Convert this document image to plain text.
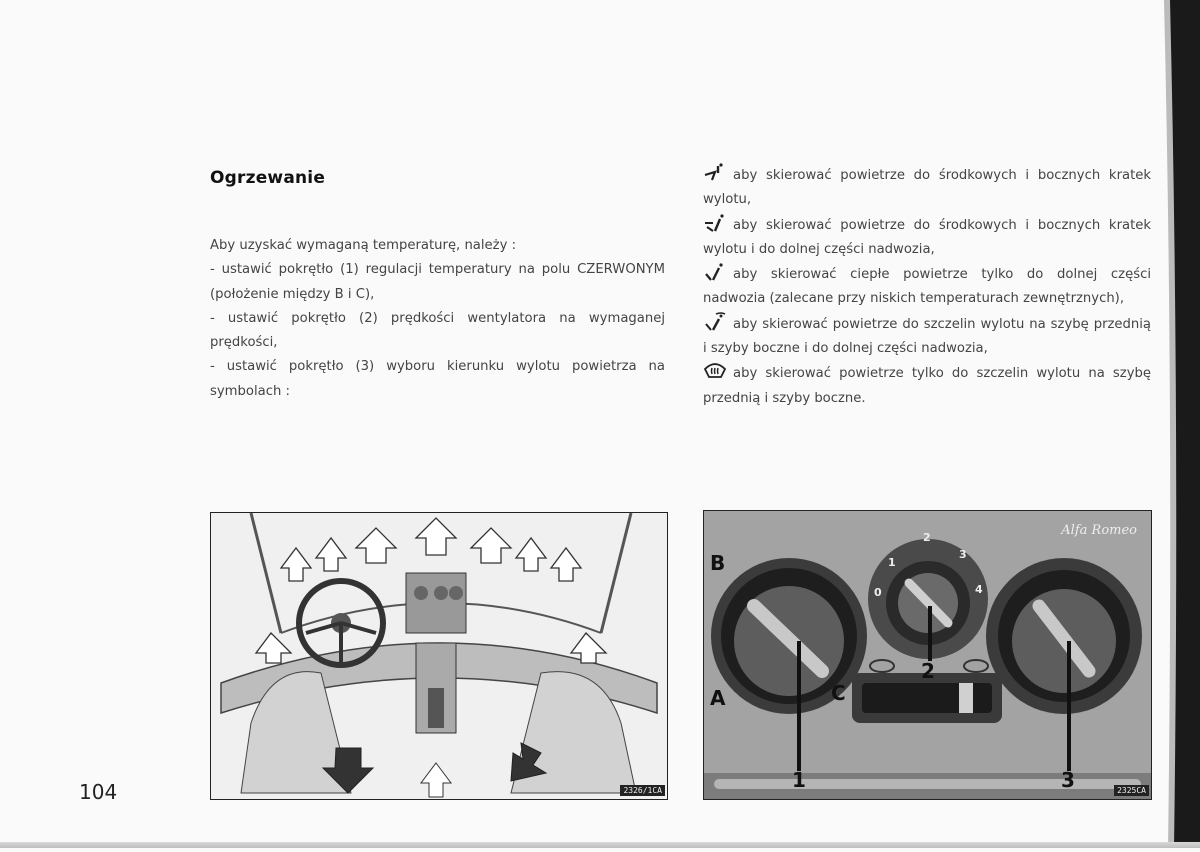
Ogrzewanie

Aby uzyskać wymaganą temperaturę, należy :

- ustawić pokrętło (1) regulacji temperatury na polu CZERWONYM (położenie między B i C),

- ustawić pokrętło (2) prędkości wentylatora na wymaganej prędkości,

- ustawić pokrętło (3) wyboru kierunku wylotu powietrza na symbolach :

aby skierować powietrze do środkowych i bocznych kratek wylotu,

aby skierować powietrze do środkowych i bocznych kratek wylotu i do dolnej części nadwozia,

aby skierować ciepłe powietrze tylko do dolnej części nadwozia (zalecane przy niskich temperaturach zewnętrznych),

aby skierować powietrze do szczelin wylotu na szybę przednią i szyby boczne i do dolnej części nadwozia,

aby skierować powietrze tylko do szczelin wylotu na szybę przednią i szyby boczne.

104	2326/1CA
Alfa Romeo
B
A	C
0
1
2
3
4
1
2
3	2325CA
